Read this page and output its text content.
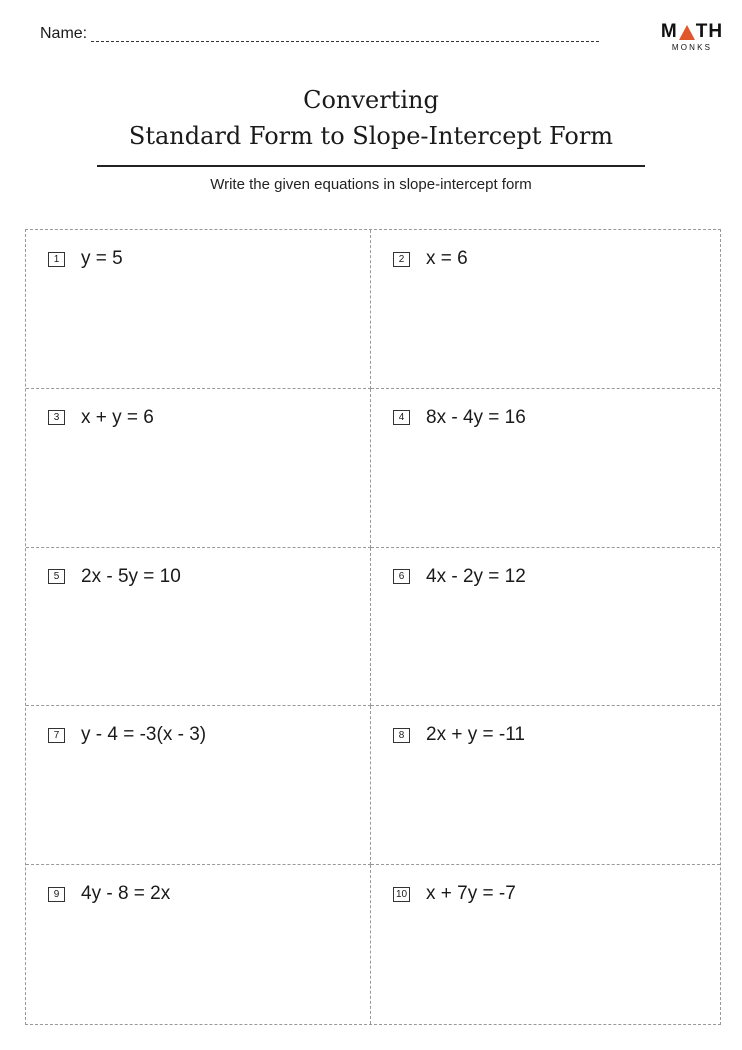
Name:	M TH
MONKS
Converting
Standard Form to Slope-Intercept Form
Write the given equations in slope-intercept form
1	y = 5	2	x = 6
3	x + y = 6	4	8x - 4y = 16
5	2x - 5y = 10	6	4x - 2y = 12
7	y - 4 = -3(x - 3)	8	2x + y = -11
9	4y - 8 = 2x	10 x + 7y = -7
